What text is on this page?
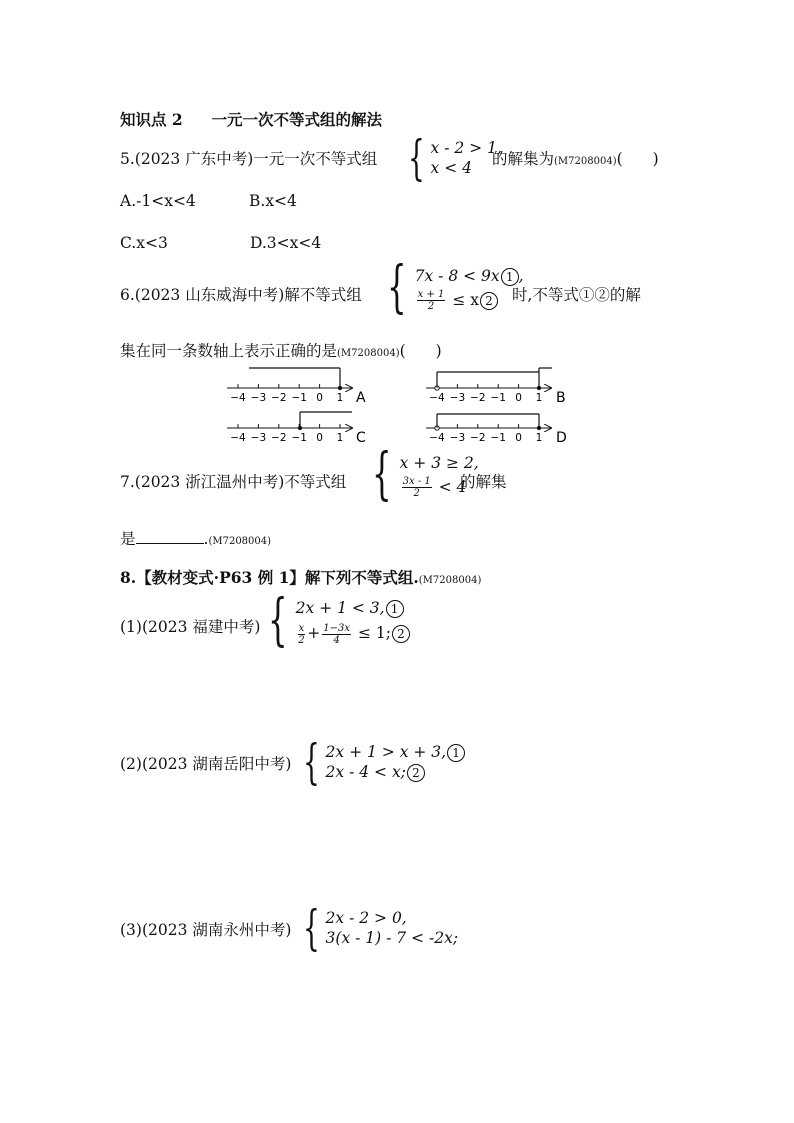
知识点 2 一元一次不等式组的解法
5.(2023 广东中考)一元一次不等式组 { x - 2 > 1,
x < 4	的解集为(M7208004)( )
A.-1<x<4	B.x<4
C.x<3	D.3<x<4
6.(2023 山东威海中考)解不等式组 { 7x - 8 < 9x 1 ,
$\frac{x + 1}{2} \le x$ 2	时,不等式①②的解
集在同一条数轴上表示正确的是(M7208004)( )
A	B
C	D
−4 −3 −2 −1 0 1	−4 −3 −2 −1 0 1
−4 −3 −2 −1 0 1	−4 −3 −2 −1 0 1
7.(2023 浙江温州中考)不等式组 { x + 3 ≥ 2,
$\frac{3x - 1}{2} < 4$
的解集
是	.(M7208004)
8.【教材变式·P63 例 1】解下列不等式组.(M7208004)
(1)(2023 福建中考) { 2x + 1 < 3, 1
$\frac{x}{2} + \frac{1-3x}{4} \le 1$; 2
(2)(2023 湖南岳阳中考) { 2x + 1 > x + 3, 1
2x - 4 < x; 2
(3)(2023 湖南永州中考) { 2x - 2 > 0,
3(x - 1) - 7 < -2x;
